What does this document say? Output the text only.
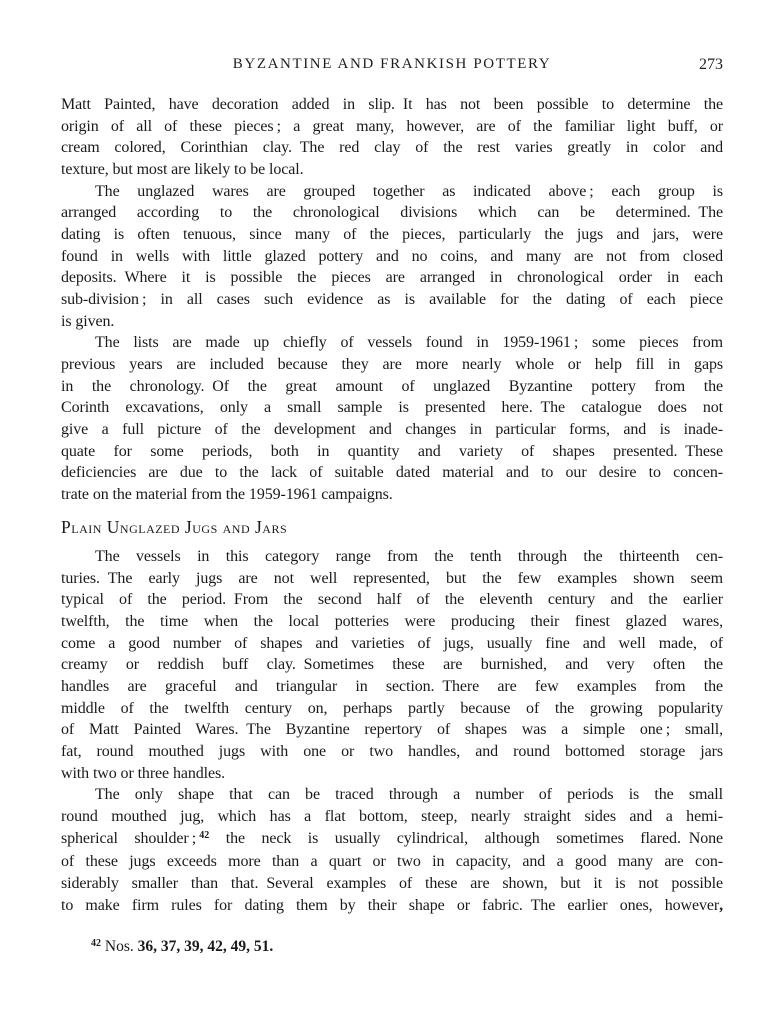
BYZANTINE AND FRANKISH POTTERY	273
Matt Painted, have decoration added in slip. It has not been possible to determine the
origin of all of these pieces ; a great many, however, are of the familiar light buff, or
cream colored, Corinthian clay. The red clay of the rest varies greatly in color and
texture, but most are likely to be local.
The unglazed wares are grouped together as indicated above ; each group is
arranged according to the chronological divisions which can be determined. The
dating is often tenuous, since many of the pieces, particularly the jugs and jars, were
found in wells with little glazed pottery and no coins, and many are not from closed
deposits. Where it is possible the pieces are arranged in chronological order in each
sub-division ; in all cases such evidence as is available for the dating of each piece
is given.
The lists are made up chiefly of vessels found in 1959-1961 ; some pieces from
previous years are included because they are more nearly whole or help fill in gaps
in the chronology. Of the great amount of unglazed Byzantine pottery from the
Corinth excavations, only a small sample is presented here. The catalogue does not
give a full picture of the development and changes in particular forms, and is inade-
quate for some periods, both in quantity and variety of shapes presented. These
deficiencies are due to the lack of suitable dated material and to our desire to concen-
trate on the material from the 1959-1961 campaigns.
Plain Unglazed Jugs and Jars
The vessels in this category range from the tenth through the thirteenth cen-
turies. The early jugs are not well represented, but the few examples shown seem
typical of the period. From the second half of the eleventh century and the earlier
twelfth, the time when the local potteries were producing their finest glazed wares,
come a good number of shapes and varieties of jugs, usually fine and well made, of
creamy or reddish buff clay. Sometimes these are burnished, and very often the
handles are graceful and triangular in section. There are few examples from the
middle of the twelfth century on, perhaps partly because of the growing popularity
of Matt Painted Wares. The Byzantine repertory of shapes was a simple one ; small,
fat, round mouthed jugs with one or two handles, and round bottomed storage jars
with two or three handles.
The only shape that can be traced through a number of periods is the small
round mouthed jug, which has a flat bottom, steep, nearly straight sides and a hemi-
spherical shoulder ; $^{42}$ the neck is usually cylindrical, although sometimes flared. None
of these jugs exceeds more than a quart or two in capacity, and a good many are con-
siderably smaller than that. Several examples of these are shown, but it is not possible
to make firm rules for dating them by their shape or fabric. The earlier ones, however,
$^{42}$ Nos. 36, 37, 39, 42, 49, 51.
